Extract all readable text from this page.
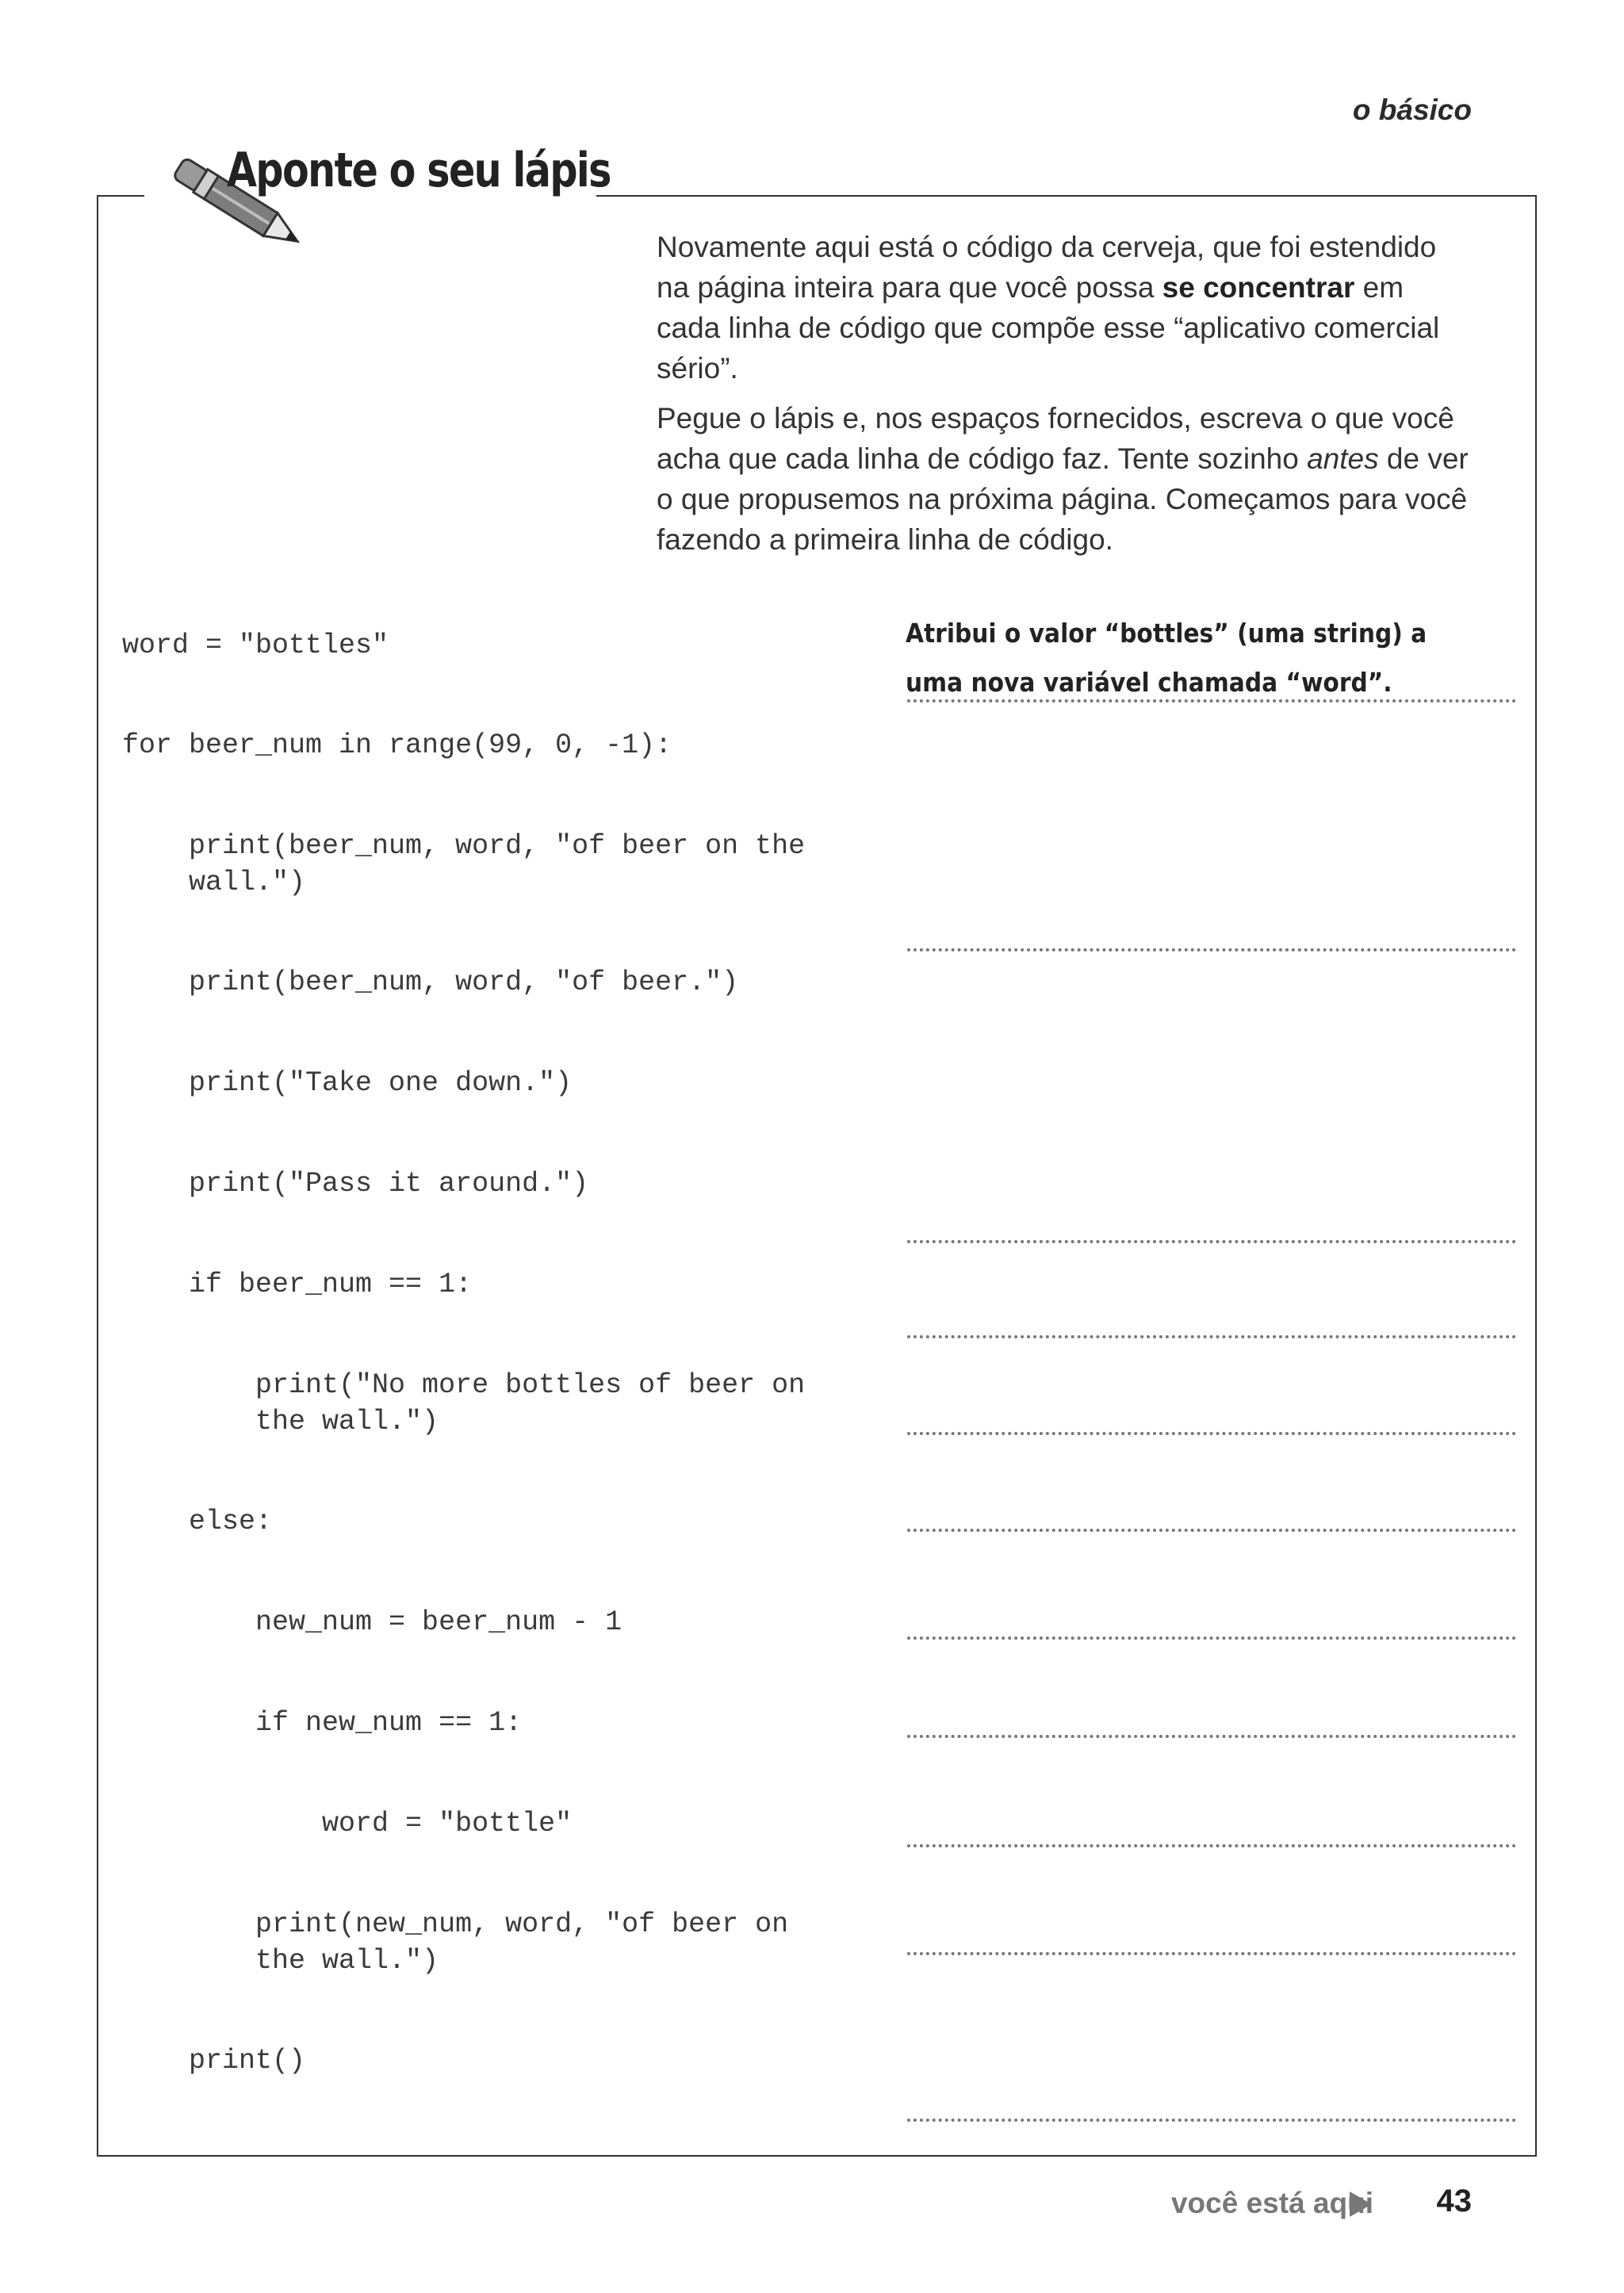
o básico
Aponte o seu lápis

Novamente aqui está o código da cerveja, que foi estendido na página inteira para que você possa se concentrar em cada linha de código que compõe esse “aplicativo comercial sério”.

Pegue o lápis e, nos espaços fornecidos, escreva o que você acha que cada linha de código faz. Tente sozinho antes de ver o que propusemos na próxima página. Começamos para você fazendo a primeira linha de código.

word = "bottles"
for beer_num in range(99, 0, -1):
print(beer_num, word, "of beer on the
wall.")
print(beer_num, word, "of beer.")
print("Take one down.")
print("Pass it around.")
if beer_num == 1:
print("No more bottles of beer on
the wall.")
else:
new_num = beer_num - 1
if new_num == 1:
word = "bottle"
print(new_num, word, "of beer on
the wall.")
print()
Atribui o valor “bottles” (uma string) a uma nova variável chamada “word”.
você está aqui 43
